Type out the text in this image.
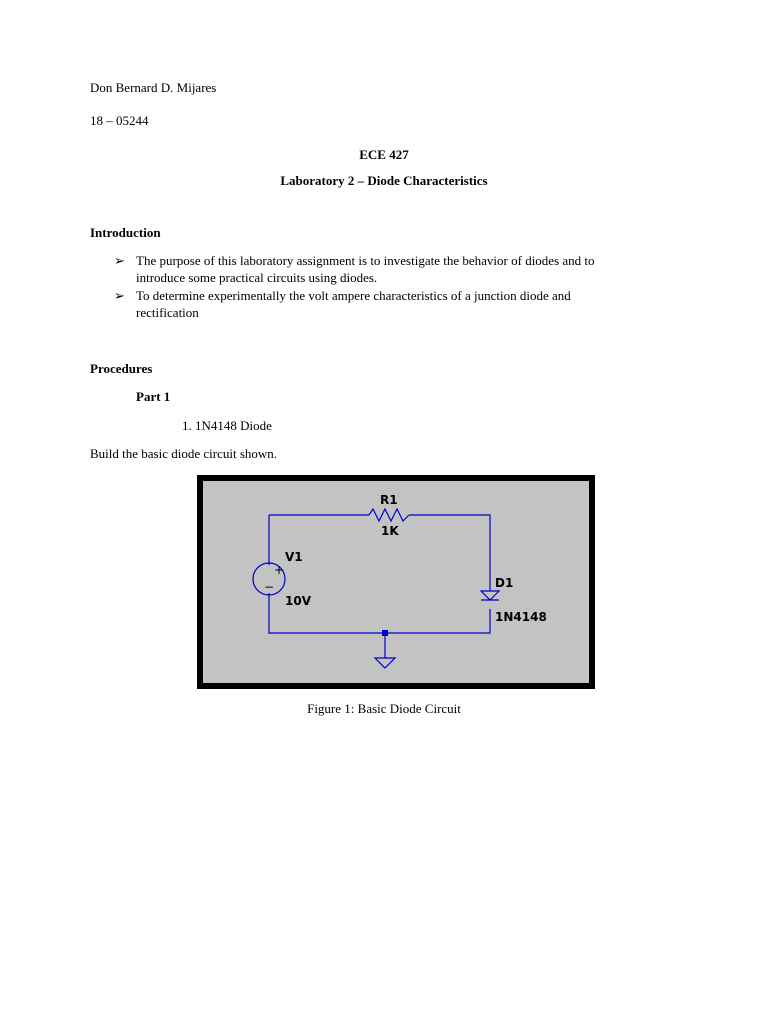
Don Bernard D. Mijares
18 – 05244
ECE 427
Laboratory 2 – Diode Characteristics
Introduction
➢ The purpose of this laboratory assignment is to investigate the behavior of diodes and to
introduce some practical circuits using diodes.
➢ To determine experimentally the volt ampere characteristics of a junction diode and
rectification
Procedures
Part 1
1. 1N4148 Diode
Build the basic diode circuit shown.
+
−
R1
1K
V1
10V
D1
1N4148
Figure 1: Basic Diode Circuit
